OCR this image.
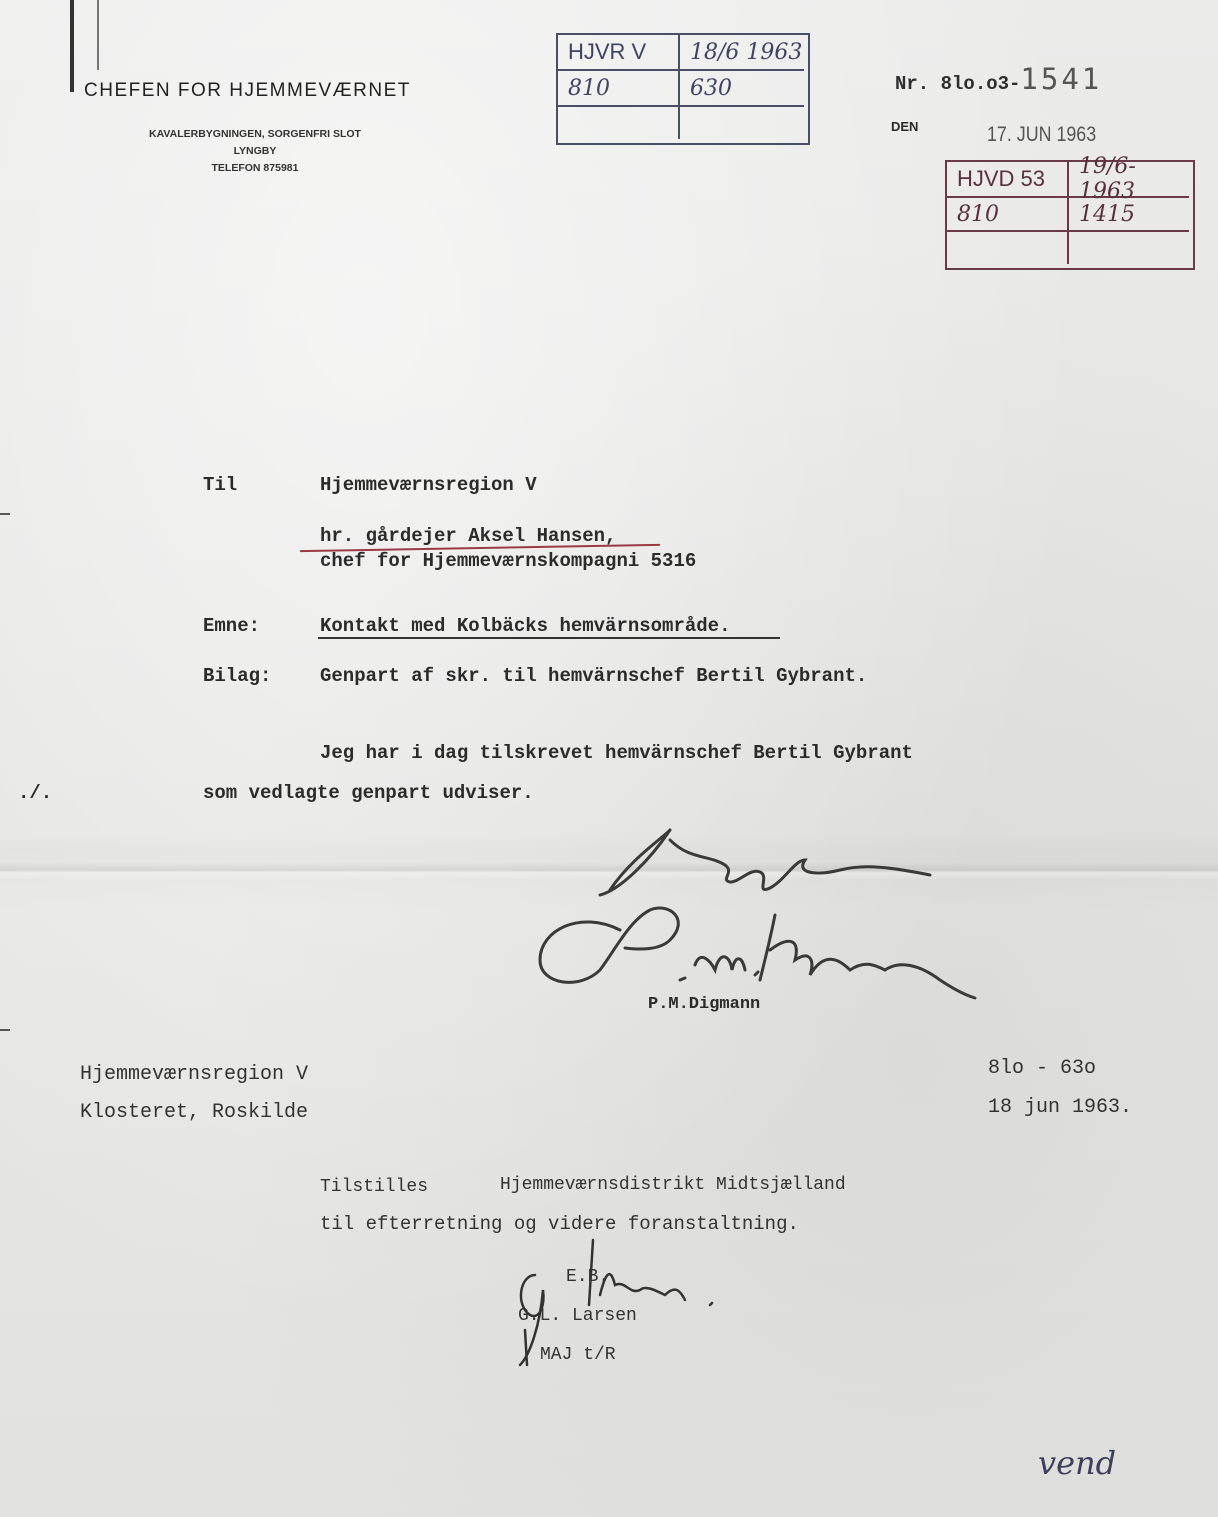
CHEFEN FOR HJEMMEVÆRNET
KAVALERBYGNINGEN, SORGENFRI SLOT
LYNGBY
TELEFON 875981
HJVR V	18/6 1963
810	630	Nr. 8lo.o3-1541
DEN	17. JUN 1963
HJVD 53	19/6-1963
810	1415
Til	Hjemmeværnsregion V
hr. gårdejer Aksel Hansen,
chef for Hjemmeværnskompagni 5316
Emne:	Kontakt med Kolbäcks hemvärnsområde.
Bilag:	Genpart af skr. til hemvärnschef Bertil Gybrant.
Jeg har i dag tilskrevet hemvärnschef Bertil Gybrant
./.	som vedlagte genpart udviser.
P.M.Digmann
Hjemmeværnsregion V
Klosteret, Roskilde
8lo - 63o
18 jun 1963.
Tilstilles	Hjemmeværnsdistrikt Midtsjælland
til efterretning og videre foranstaltning.
E.B.
G.L. Larsen
MAJ t/R
vend
